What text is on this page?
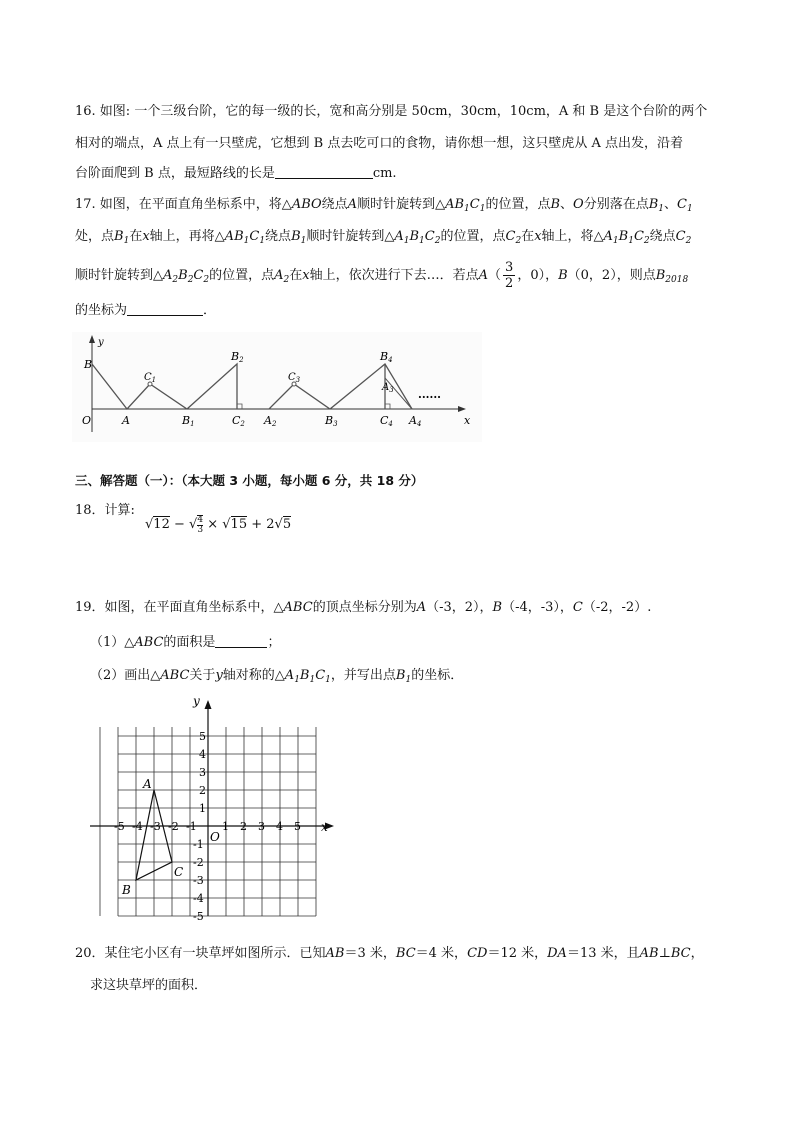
16. 如图: 一个三级台阶，它的每一级的长，宽和高分别是 50cm，30cm，10cm，A 和 B 是这个台阶的两个
相对的端点，A 点上有一只壁虎，它想到 B 点去吃可口的食物，请你想一想，这只壁虎从 A 点出发，沿着
台阶面爬到 B 点，最短路线的长是	cm.
17. 如图，在平面直角坐标系中，将△ABO绕点A顺时针旋转到$\triangle AB_1C_1$的位置，点B、O分别落在点$B_1$、$C_1$
处，点$B_1$在x轴上，再将$\triangle AB_1C_1$绕点$B_1$顺时针旋转到$\triangle A_1B_1C_2$的位置，点$C_2$在x轴上，将$\triangle A_1B_1C_2$绕点$C_2$
顺时针旋转到$\triangle A_2B_2C_2$的位置，点$A_2$在x轴上，依次进行下去…．若点$A( \frac{3}{2}$ ，0），B（0，2），则点$B_{2018}$
的坐标为	．
y
x
O
B
A
$C_1$
B1
B2
C2 A2
$C_3$
B3
B4
$A_3$
C4 A4
......
三、解答题（一）：（本大题 3 小题，每小题 6 分，共 18 分）
18．计算:
√12 − √ $\frac{4}{3} \times √15 + 2√5$
19．如图，在平面直角坐标系中，△ABC的顶点坐标分别为A（-3，2），B（-4，-3），C（-2，-2）.
（1）△ABC的面积是	；
（2）画出△ABC关于y轴对称的$\triangle A_1B_1C_1$，并写出点$B_1$的坐标．
-5 -4 -3 -2 -1 1 2 3 4 5
5
4
3
2
1
-1
-2
-3
-4
-5
y
x
O
A
B
C
20．某住宅小区有一块草坪如图所示．已知AB＝3 米，BC＝4 米，CD＝12 米，DA＝13 米，且AB⊥BC，
求这块草坪的面积．
